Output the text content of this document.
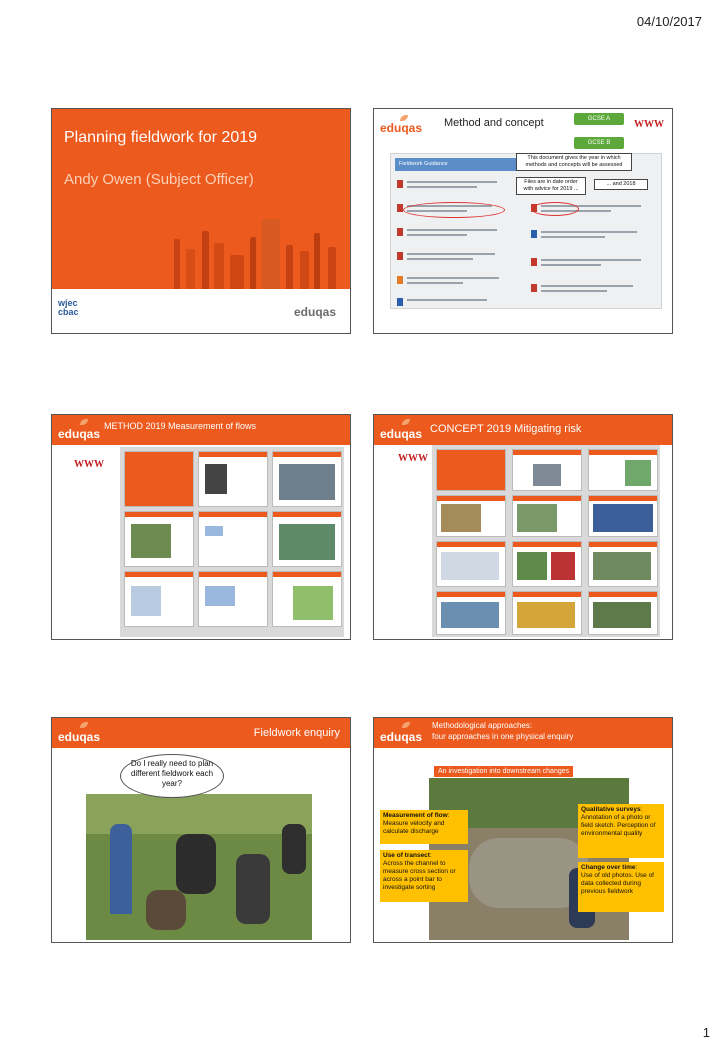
04/10/2017
Planning fieldwork for 2019
Andy Owen (Subject Officer)
wjec
cbac	eduqas
eduqas Method and concept	GCSE A
GCSE B
WWW
Fieldwork Guidance
This document gives the year in which methods and concepts will be assessed
Files are in date order with advice for 2019 ...
... and 2018
eduqas
METHOD 2019 Measurement of flows
WWW
eduqas CONCEPT 2019 Mitigating risk
WWW
eduqas	Fieldwork enquiry
Do I really need to plan different fieldwork each year?
eduqas
Methodological approaches:
four approaches in one physical enquiry
An investigation into downstream changes
Measurement of flow:
Measure velocity and calculate discharge
Use of transect:
Across the channel to measure cross section or across a point bar to investigate sorting
Qualitative surveys:
Annotation of a photo or field sketch. Perception of environmental quality
Change over time:
Use of old photos. Use of data collected during previous fieldwork
1
